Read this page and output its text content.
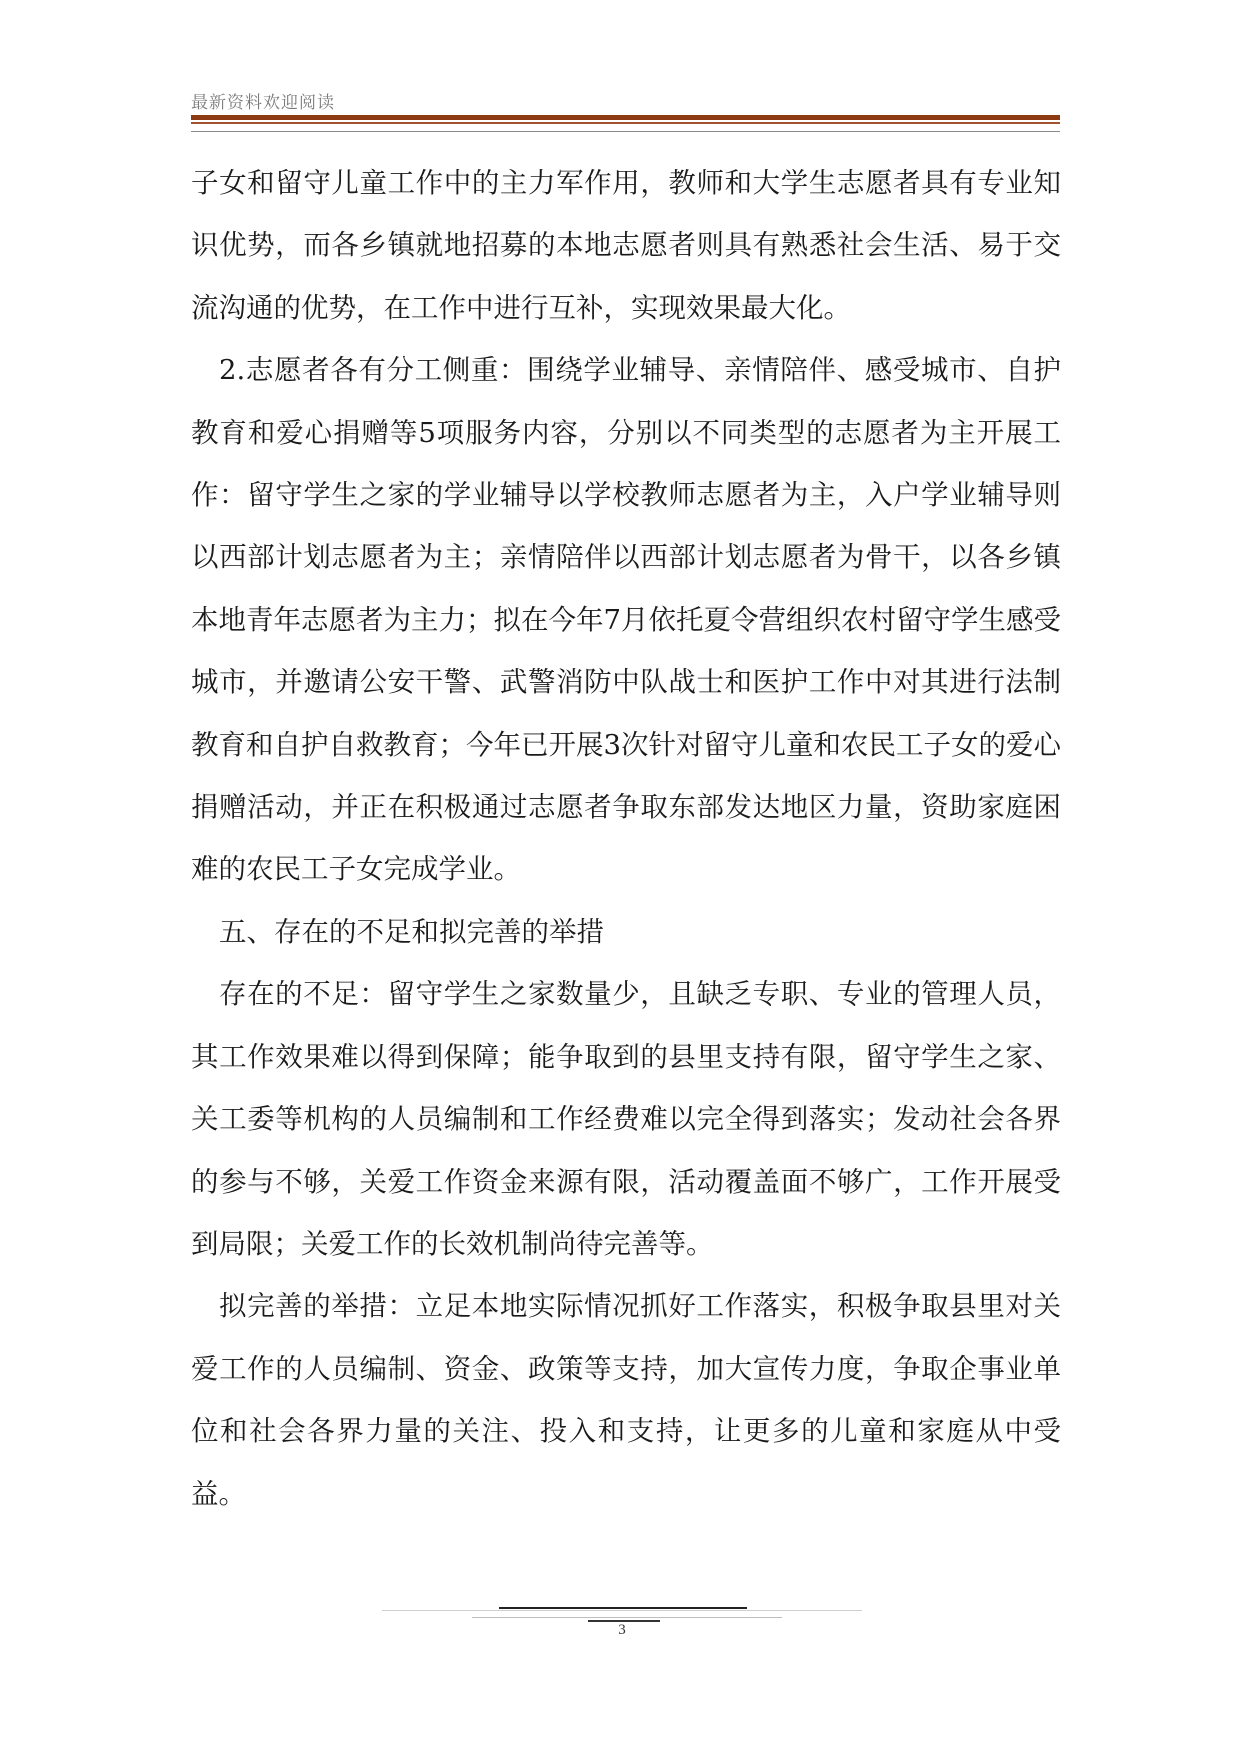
最新资料欢迎阅读

子女和留守儿童工作中的主力军作用，教师和大学生志愿者具有专业知识优势，而各乡镇就地招募的本地志愿者则具有熟悉社会生活、易于交流沟通的优势，在工作中进行互补，实现效果最大化。

2.志愿者各有分工侧重：围绕学业辅导、亲情陪伴、感受城市、自护教育和爱心捐赠等5项服务内容，分别以不同类型的志愿者为主开展工作：留守学生之家的学业辅导以学校教师志愿者为主，入户学业辅导则以西部计划志愿者为主；亲情陪伴以西部计划志愿者为骨干，以各乡镇本地青年志愿者为主力；拟在今年7月依托夏令营组织农村留守学生感受城市，并邀请公安干警、武警消防中队战士和医护工作中对其进行法制教育和自护自救教育；今年已开展3次针对留守儿童和农民工子女的爱心捐赠活动，并正在积极通过志愿者争取东部发达地区力量，资助家庭困难的农民工子女完成学业。

五、存在的不足和拟完善的举措

存在的不足：留守学生之家数量少，且缺乏专职、专业的管理人员，其工作效果难以得到保障；能争取到的县里支持有限，留守学生之家、关工委等机构的人员编制和工作经费难以完全得到落实；发动社会各界的参与不够，关爱工作资金来源有限，活动覆盖面不够广，工作开展受到局限；关爱工作的长效机制尚待完善等。

拟完善的举措：立足本地实际情况抓好工作落实，积极争取县里对关爱工作的人员编制、资金、政策等支持，加大宣传力度，争取企事业单位和社会各界力量的关注、投入和支持，让更多的儿童和家庭从中受益。

3
